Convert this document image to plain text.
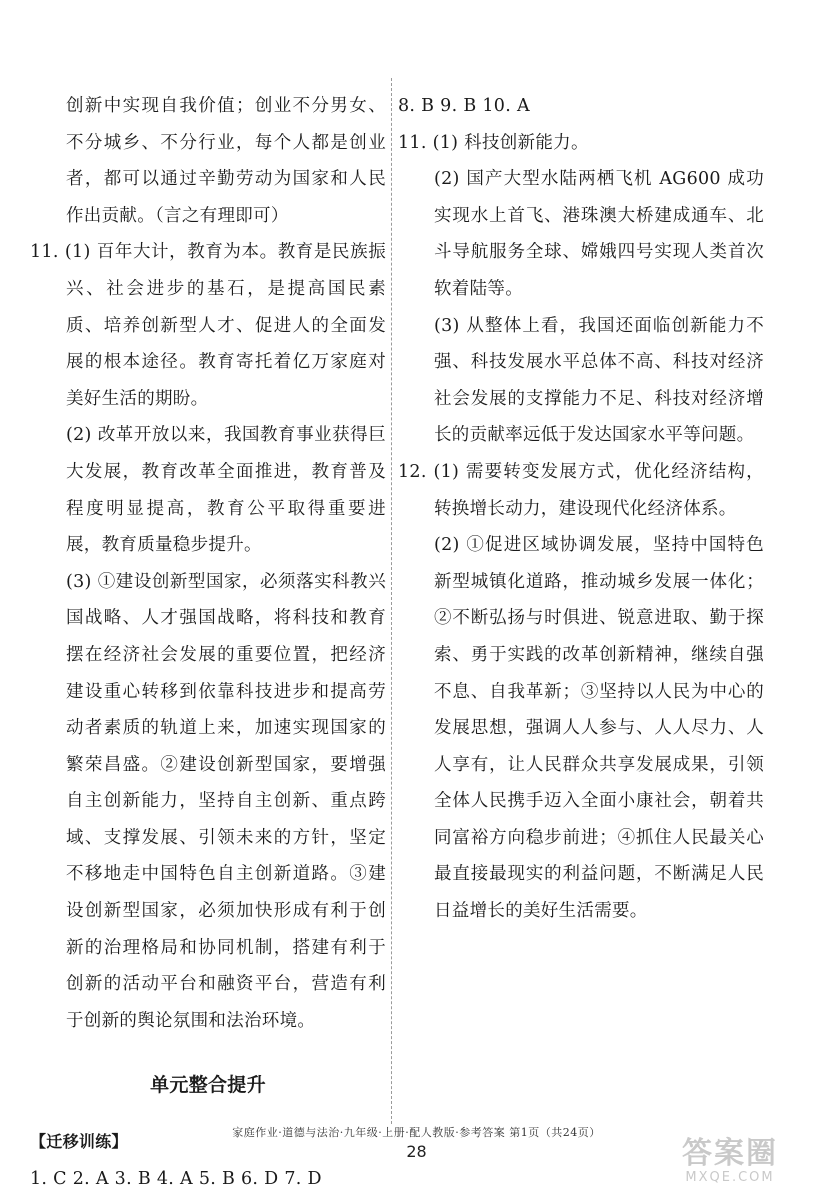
创新中实现自我价值；创业不分男女、不分城乡、不分行业，每个人都是创业者，都可以通过辛勤劳动为国家和人民作出贡献。（言之有理即可）

11. (1) 百年大计，教育为本。教育是民族振兴、社会进步的基石，是提高国民素质、培养创新型人才、促进人的全面发展的根本途径。教育寄托着亿万家庭对美好生活的期盼。

(2) 改革开放以来，我国教育事业获得巨大发展，教育改革全面推进，教育普及程度明显提高，教育公平取得重要进展，教育质量稳步提升。

(3) ①建设创新型国家，必须落实科教兴国战略、人才强国战略，将科技和教育摆在经济社会发展的重要位置，把经济建设重心转移到依靠科技进步和提高劳动者素质的轨道上来，加速实现国家的繁荣昌盛。②建设创新型国家，要增强自主创新能力，坚持自主创新、重点跨域、支撑发展、引领未来的方针，坚定不移地走中国特色自主创新道路。③建设创新型国家，必须加快形成有利于创新的治理格局和协同机制，搭建有利于创新的活动平台和融资平台，营造有利于创新的舆论氛围和法治环境。

单元整合提升

【迁移训练】

1. C 2. A 3. B 4. A 5. B 6. D 7. D

8. B 9. B 10. A

11. (1) 科技创新能力。

(2) 国产大型水陆两栖飞机 AG600 成功实现水上首飞、港珠澳大桥建成通车、北斗导航服务全球、嫦娥四号实现人类首次软着陆等。

(3) 从整体上看，我国还面临创新能力不强、科技发展水平总体不高、科技对经济社会发展的支撑能力不足、科技对经济增长的贡献率远低于发达国家水平等问题。

12. (1) 需要转变发展方式，优化经济结构，转换增长动力，建设现代化经济体系。

(2) ①促进区域协调发展，坚持中国特色新型城镇化道路，推动城乡发展一体化；②不断弘扬与时俱进、锐意进取、勤于探索、勇于实践的改革创新精神，继续自强不息、自我革新；③坚持以人民为中心的发展思想，强调人人参与、人人尽力、人人享有，让人民群众共享发展成果，引领全体人民携手迈入全面小康社会，朝着共同富裕方向稳步前进；④抓住人民最关心最直接最现实的利益问题，不断满足人民日益增长的美好生活需要。

家庭作业·道德与法治·九年级·上册·配人教版·参考答案 第1页（共24页）
28	答案圈
MXQE.COM
